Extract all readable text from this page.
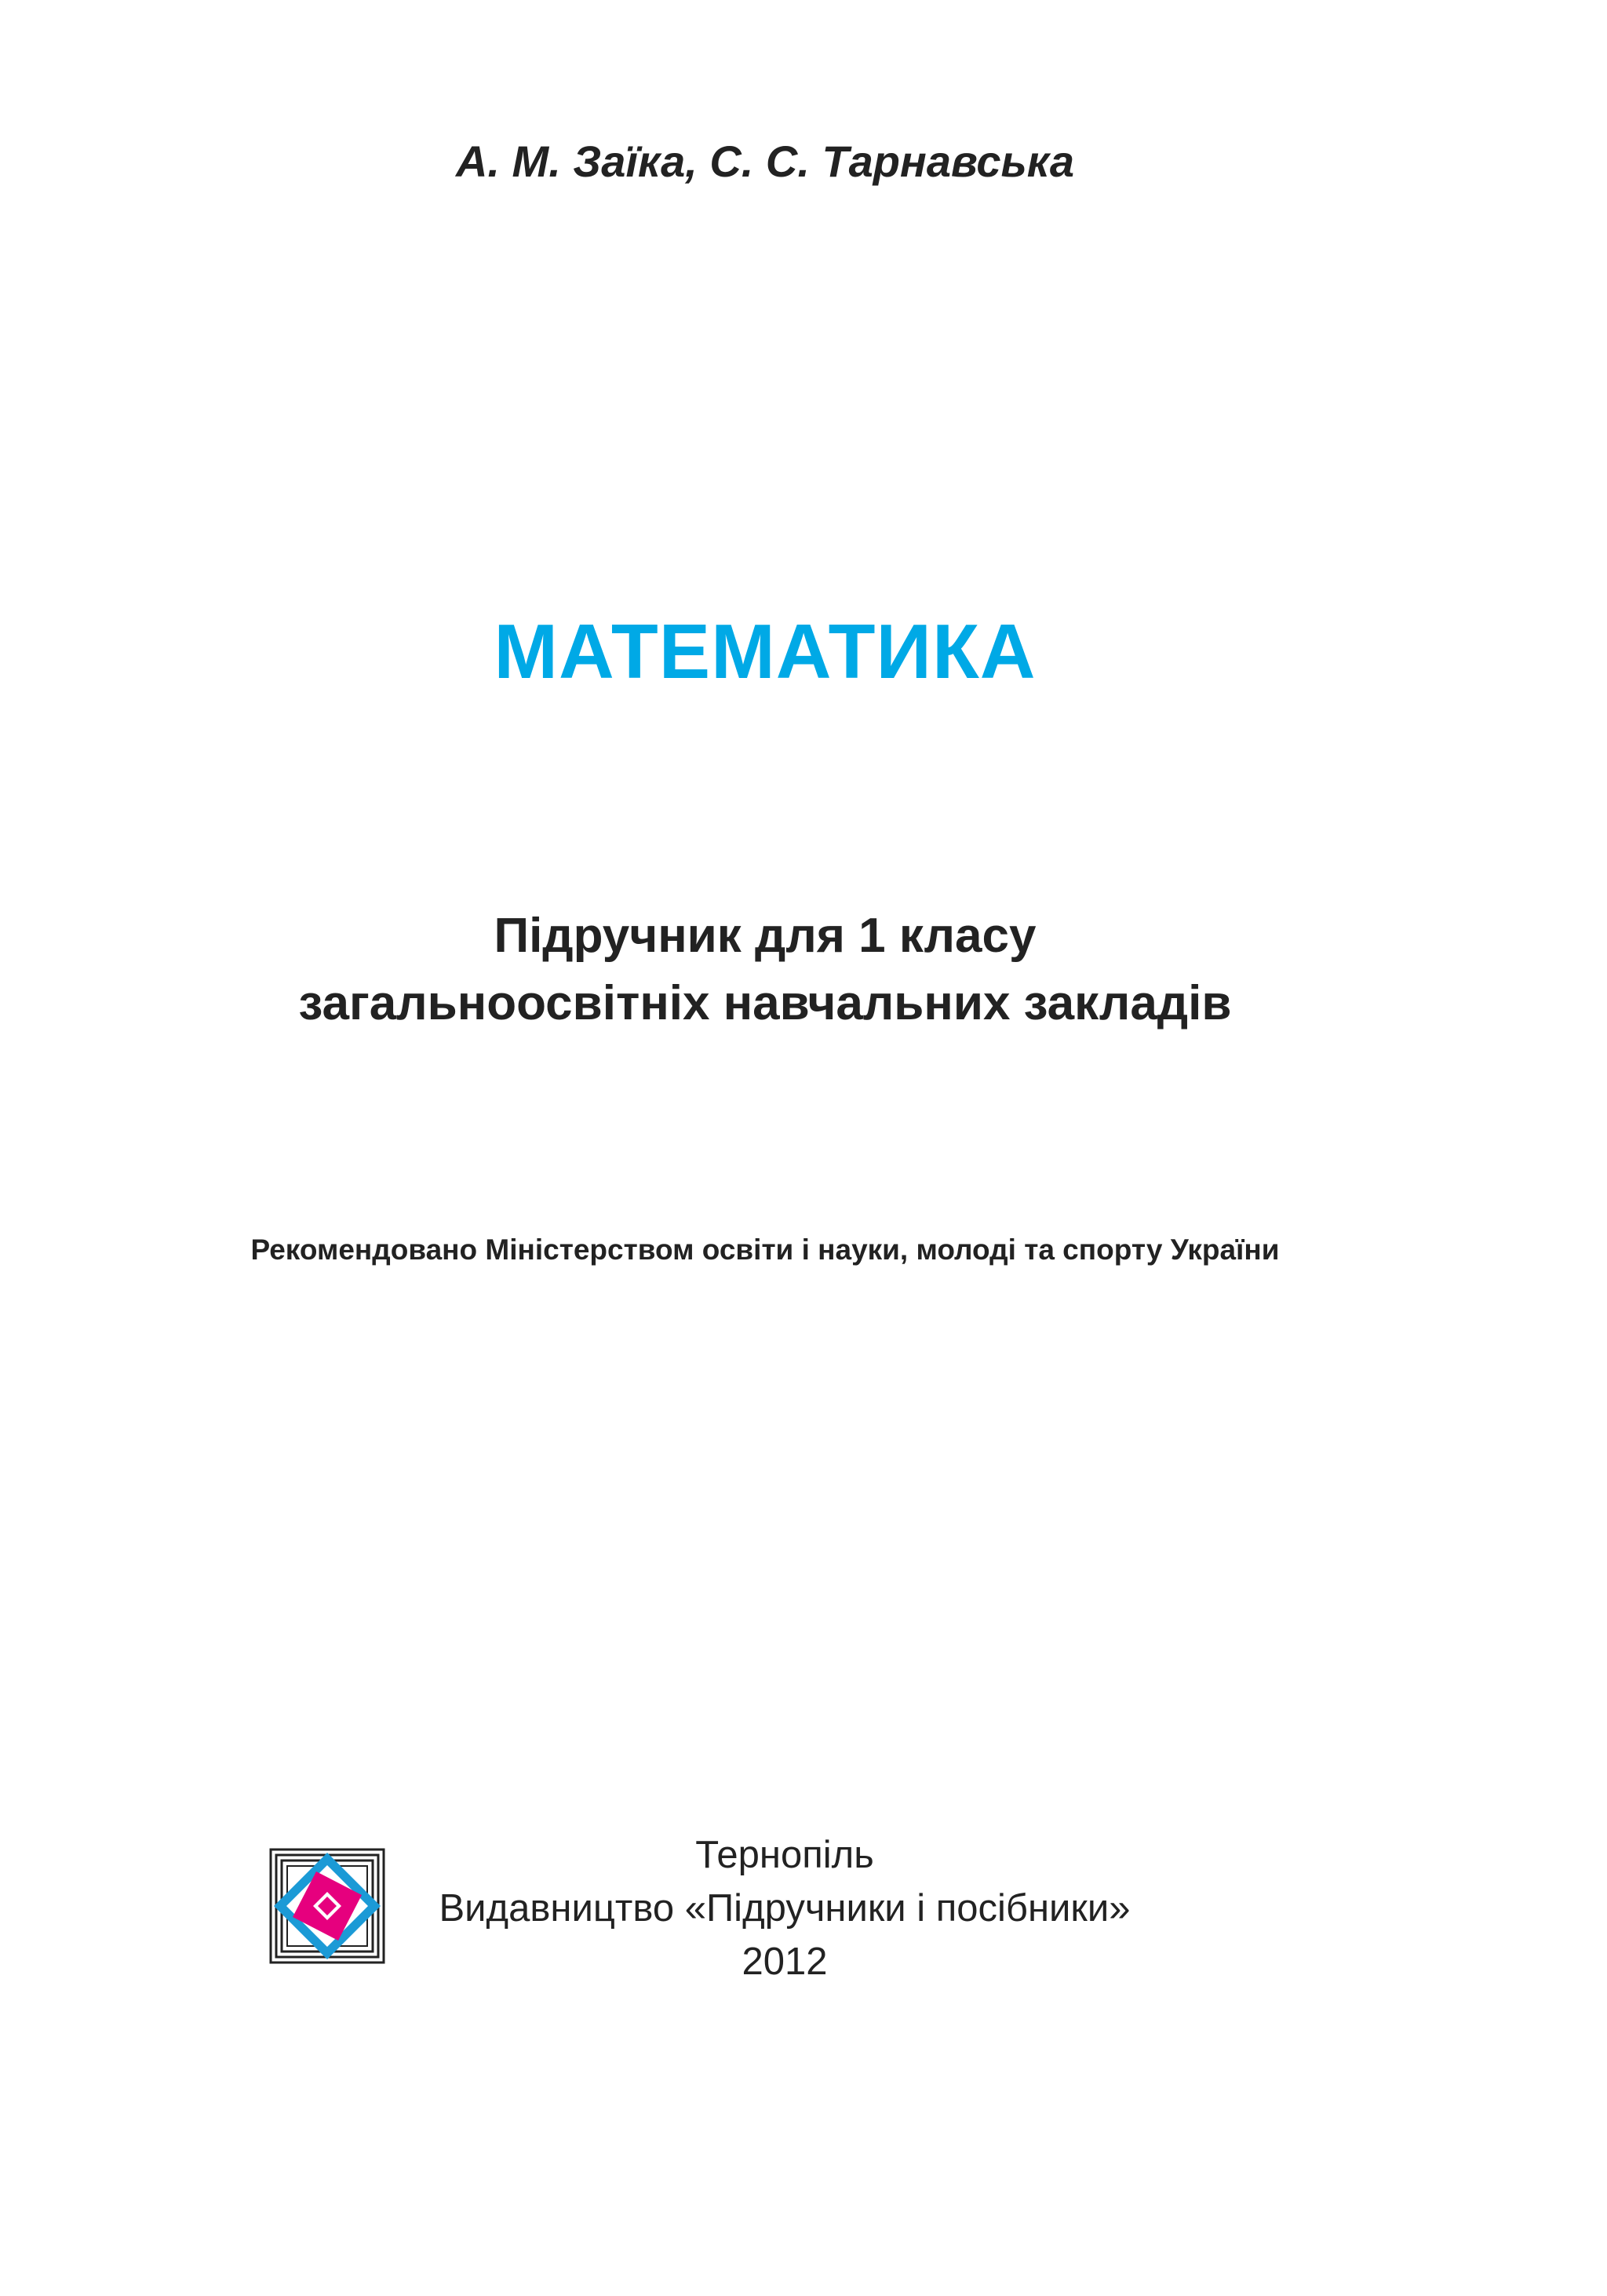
А. М. Заїка, С. С. Тарнавська
МАТЕМАТИКА
Підручник для 1 класу
загальноосвітніх навчальних закладів
Рекомендовано Міністерством освіти і науки, молоді та спорту України
Тернопіль
Видавництво «Підручники і посібники»
2012
